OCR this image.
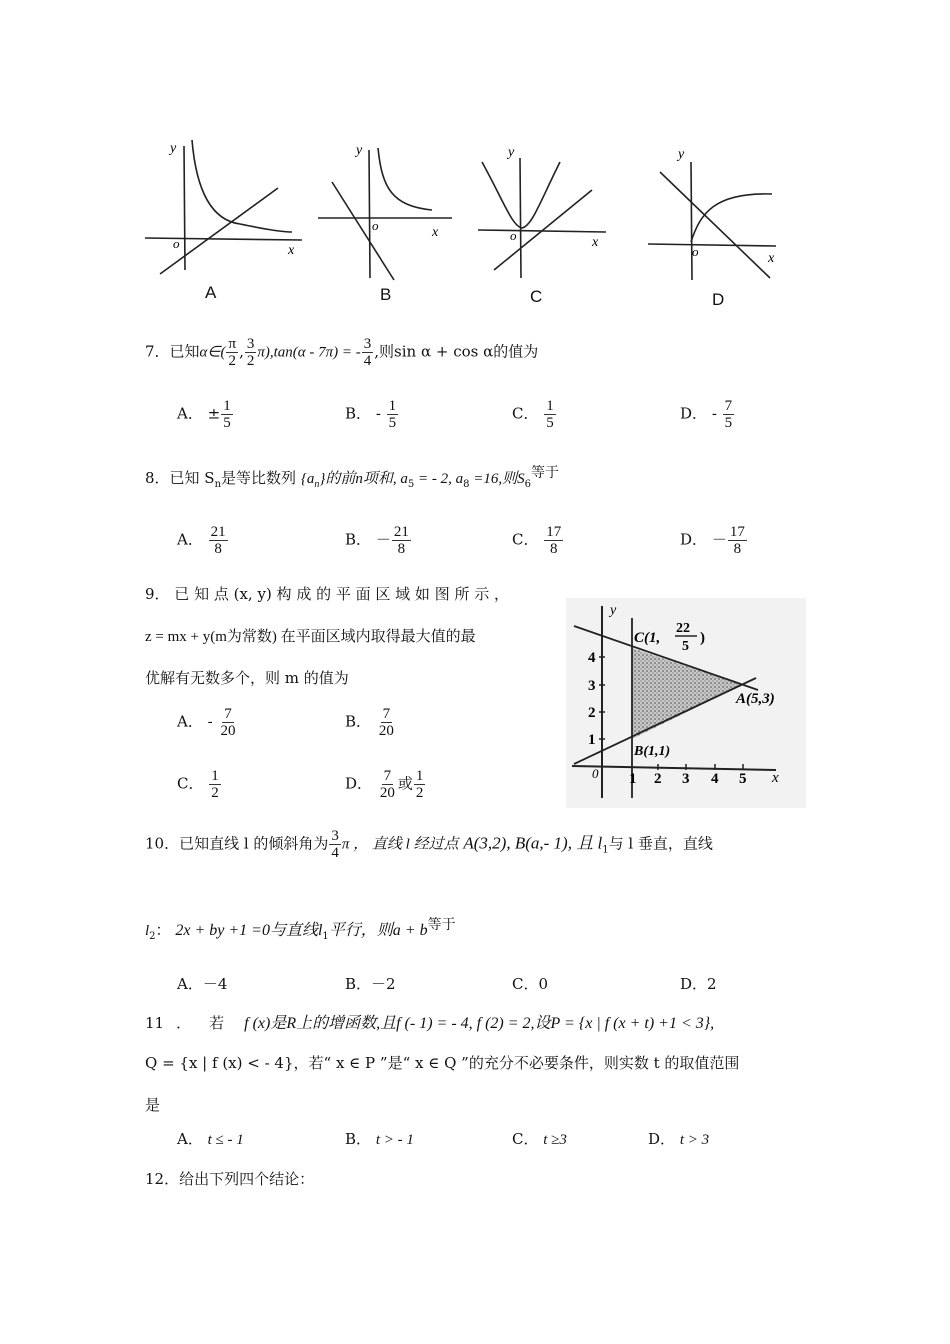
y
o	x
y
o	x
y
o	x
y
o	x
A	B	C	D
7．已知α∈( $\frac{\pi}{2}$ , $\frac{3}{2} \pi),\tan(\alpha - 7\pi)$ = - $\frac{3}{4}$ ,则sin α + cos α的值为
A． ± $\frac{1}{5}$	B． - $\frac{1}{5}$	C． $\frac{1}{5}$	D． - $\frac{7}{5}$
8．已知 $S_n$是等比数列 $\{a_n\}$的前n项和, $a_5$ = - 2, $a_8 =16$,则$S_6^{等于}$
A． $\frac{21}{8}$	B． － $\frac{21}{8}$	C． $\frac{17}{8}$	D． － $\frac{17}{8}$
9． 已 知 点 (x, y) 构 成 的 平 面 区 域 如 图 所 示 ，
z = mx + y(m为常数) 在平面区域内取得最大值的最
优解有无数多个，则 m 的值为
A． - $\frac{7}{20}$	B． $\frac{7}{20}$
C． $\frac{1}{2}$	D． $\frac{7}{20}$ 或 $\frac{1}{2}$
y
x
0 1 2 3 4 5
1
2
3
4
C(1,
22
5
)
A(5,3)
B(1,1)
10．已知直线 l 的倾斜角为 $\frac{3}{4}$ π ， 直线 l 经过点 A(3,2), B(a,- 1), 且 $l_1$与 l 垂直，直线
$l_2$： 2x + by +1 =0与直线$l_1$平行，则$a + b^{等于}$
A．－4	B．－2	C．0	D．2
11 ． 若 f (x)是R上的增函数,且f (- 1) = - 4, f (2) = 2,设P = {x | f (x + t) +1 < 3},
Q = {x | f (x) < - 4}，若“ x ∈ P ”是“ x ∈ Q ”的充分不必要条件，则实数 t 的取值范围
是
A． t ≤ - 1	B． t > - 1	C． t ≥3	D． t > 3
12．给出下列四个结论：
